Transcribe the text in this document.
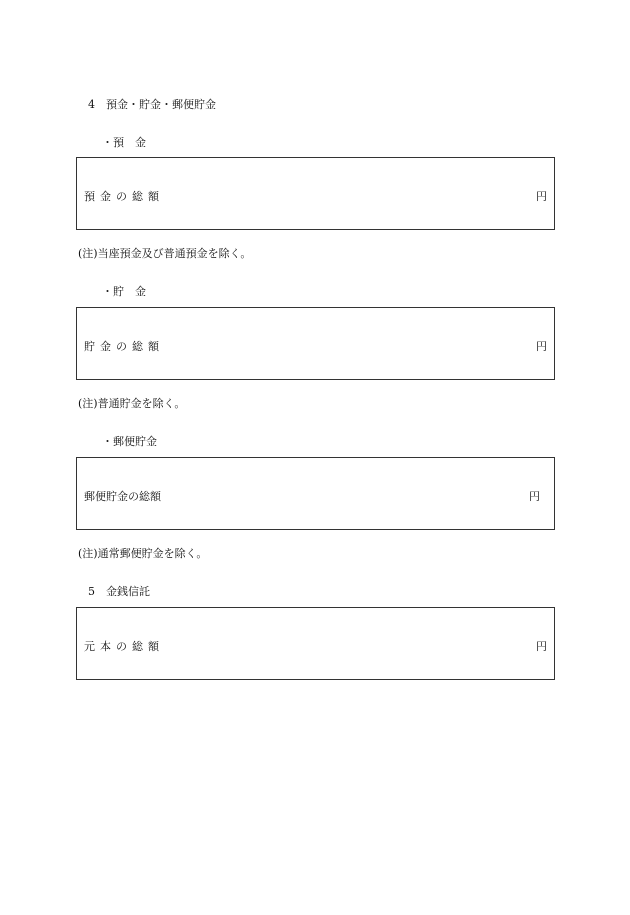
4　預金・貯金・郵便貯金
・預　金
預金の総額	円
(注)当座預金及び普通預金を除く。
・貯　金
貯金の総額	円
(注)普通貯金を除く。
・郵便貯金
郵便貯金の総額	円
(注)通常郵便貯金を除く。
5　金銭信託
元本の総額	円
